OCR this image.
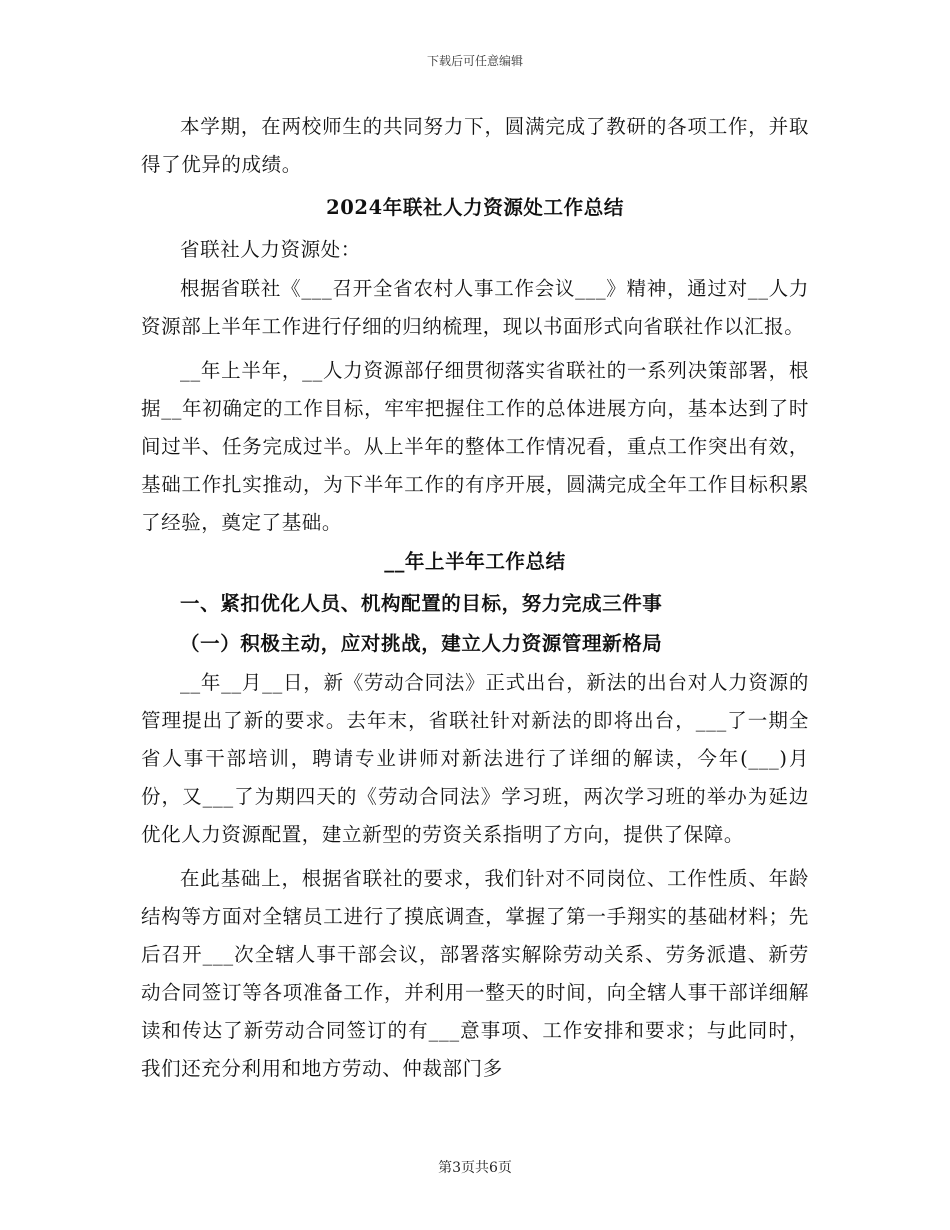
下载后可任意编辑

本学期，在两校师生的共同努力下，圆满完成了教研的各项工作，并取得了优异的成绩。

2024年联社人力资源处工作总结

省联社人力资源处：

根据省联社《___召开全省农村人事工作会议___》精神，通过对__人力资源部上半年工作进行仔细的归纳梳理，现以书面形式向省联社作以汇报。

__年上半年，__人力资源部仔细贯彻落实省联社的一系列决策部署，根据__年初确定的工作目标，牢牢把握住工作的总体进展方向，基本达到了时间过半、任务完成过半。从上半年的整体工作情况看，重点工作突出有效，基础工作扎实推动，为下半年工作的有序开展，圆满完成全年工作目标积累了经验，奠定了基础。

__年上半年工作总结

一、紧扣优化人员、机构配置的目标，努力完成三件事

（一）积极主动，应对挑战，建立人力资源管理新格局

__年__月__日，新《劳动合同法》正式出台，新法的出台对人力资源的管理提出了新的要求。去年末，省联社针对新法的即将出台，___了一期全省人事干部培训，聘请专业讲师对新法进行了详细的解读，今年(___)月份，又___了为期四天的《劳动合同法》学习班，两次学习班的举办为延边优化人力资源配置，建立新型的劳资关系指明了方向，提供了保障。

在此基础上，根据省联社的要求，我们针对不同岗位、工作性质、年龄结构等方面对全辖员工进行了摸底调查，掌握了第一手翔实的基础材料；先后召开___次全辖人事干部会议，部署落实解除劳动关系、劳务派遣、新劳动合同签订等各项准备工作，并利用一整天的时间，向全辖人事干部详细解读和传达了新劳动合同签订的有___意事项、工作安排和要求；与此同时，我们还充分利用和地方劳动、仲裁部门多

第3页共6页
